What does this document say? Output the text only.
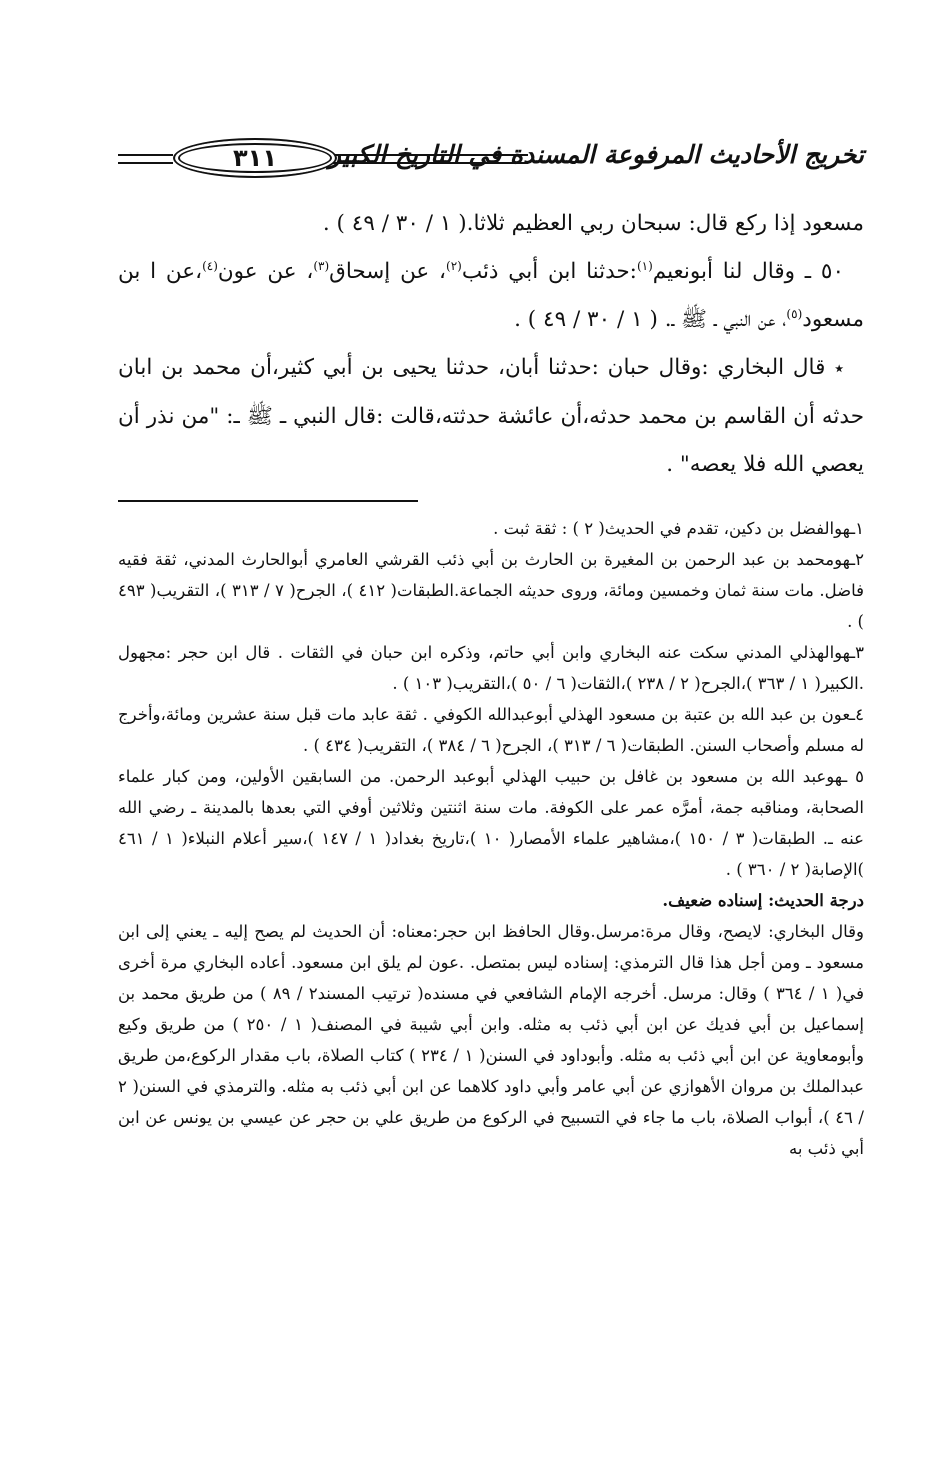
تخريج الأحاديث المرفوعة المسندة في التاريخ الكبير
٣١١

مسعود إذا ركع قال: سبحان ربي العظيم ثلاثا.( ١ / ٣٠ / ٤٩ ) .

٥٠ ـ وقال لنا أبونعيم$^{(١)}$:حدثنا ابن أبي ذئب$^{(٢)}$، عن إسحاق$^{(٣)}$، عن عون$^{(٤)}$،عن ا بن مسعود$^{(٥)}$، عن النبي ـ ﷺ ـ. ( ١ / ٣٠ / ٤٩ ) .

٭ قال البخاري :وقال حبان :حدثنا أبان، حدثنا يحيى بن أبي كثير،أن محمد بن ابان حدثه أن القاسم بن محمد حدثه،أن عائشة حدثته،قالت :قال النبي ـ ﷺ ـ: "من نذر أن يعصي الله فلا يعصه" .

١ـهوالفضل بن دكين، تقدم في الحديث( ٢ ) : ثقة ثبت .

٢ـهومحمد بن عبد الرحمن بن المغيرة بن الحارث بن أبي ذئب القرشي العامري أبوالحارث المدني، ثقة فقيه فاضل. مات سنة ثمان وخمسين ومائة، وروى حديثه الجماعة.الطبقات( ٤١٢ )، الجرح( ٧ / ٣١٣ )، التقريب( ٤٩٣ ) .

٣ـهوالهذلي المدني سكت عنه البخاري وابن أبي حاتم، وذكره ابن حبان في الثقات . قال ابن حجر :مجهول .الكبير( ١ / ٣٦٣ )،الجرح( ٢ / ٢٣٨ )،الثقات( ٦ / ٥٠ )،التقريب( ١٠٣ ) .

٤ـعون بن عبد الله بن عتبة بن مسعود الهذلي أبوعبدالله الكوفي . ثقة عابد مات قبل سنة عشرين ومائة،وأخرج له مسلم وأصحاب السنن. الطبقات( ٦ / ٣١٣ )، الجرح( ٦ / ٣٨٤ )، التقريب( ٤٣٤ ) .

٥ ـهوعبد الله بن مسعود بن غافل بن حبيب الهذلي أبوعبد الرحمن. من السابقين الأولين، ومن كبار علماء الصحابة، ومناقبه جمة، أمرَّه عمر على الكوفة. مات سنة اثنتين وثلاثين أوفي التي بعدها بالمدينة ـ رضي الله عنه ـ. الطبقات( ٣ / ١٥٠ )،مشاهير علماء الأمصار( ١٠ )،تاريخ بغداد( ١ / ١٤٧ )،سير أعلام النبلاء( ١ / ٤٦١ )الإصابة( ٢ / ٣٦٠ ) .

درجة الحديث: إسناده ضعيف.

وقال البخاري: لايصح، وقال مرة:مرسل.وقال الحافظ ابن حجر:معناه: أن الحديث لم يصح إليه ـ يعني إلى ابن مسعود ـ ومن أجل هذا قال الترمذي: إسناده ليس بمتصل. .عون لم يلق ابن مسعود. أعاده البخاري مرة أخرى في( ١ / ٣٦٤ ) وقال: مرسل. أخرجه الإمام الشافعي في مسنده( ترتيب المسند٢ / ٨٩ ) من طريق محمد بن إسماعيل بن أبي فديك عن ابن أبي ذئب به مثله. وابن أبي شيبة في المصنف( ١ / ٢٥٠ ) من طريق وكيع وأبومعاوية عن ابن أبي ذئب به مثله. وأبوداود في السنن( ١ / ٢٣٤ ) كتاب الصلاة، باب مقدار الركوع،من طريق عبدالملك بن مروان الأهوازي عن أبي عامر وأبي داود كلاهما عن ابن أبي ذئب به مثله. والترمذي في السنن( ٢ / ٤٦ )، أبواب الصلاة، باب ما جاء في التسبيح في الركوع من طريق علي بن حجر عن عيسي بن يونس عن ابن أبي ذئب به
